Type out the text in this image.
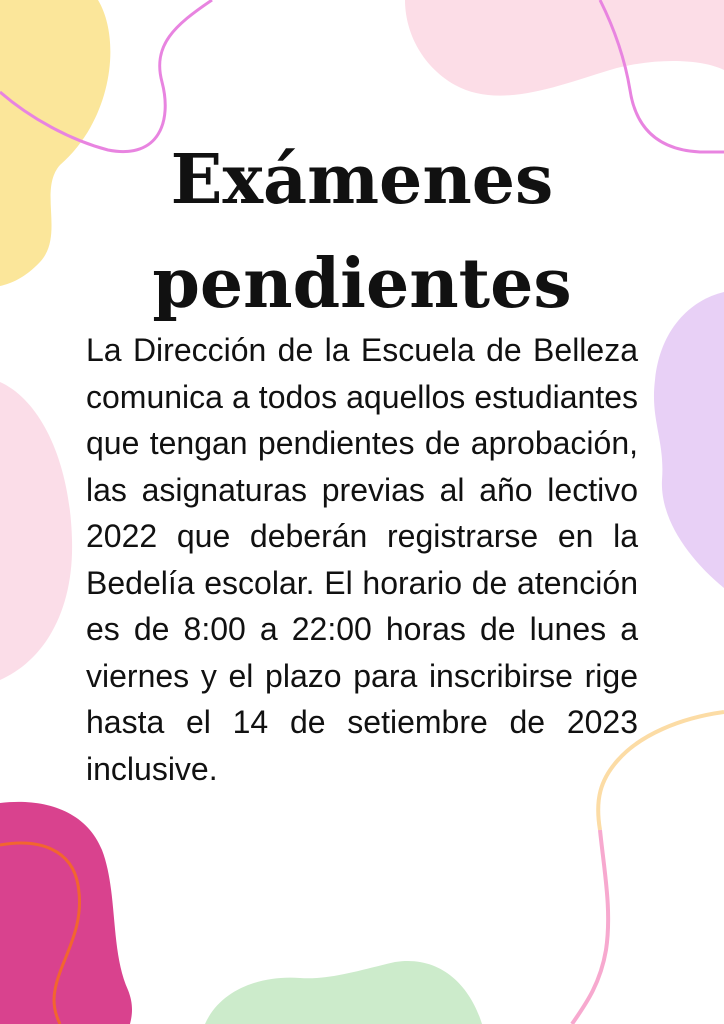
Exámenes
pendientes

La Dirección de la Escuela de Belleza comunica a todos aquellos estudiantes que tengan pendientes de aprobación, las asignaturas previas al año lectivo 2022 que deberán registrarse en la Bedelía escolar. El horario de atención es de 8:00 a 22:00 horas de lunes a viernes y el plazo para inscribirse rige hasta el 14 de setiembre de 2023 inclusive.
